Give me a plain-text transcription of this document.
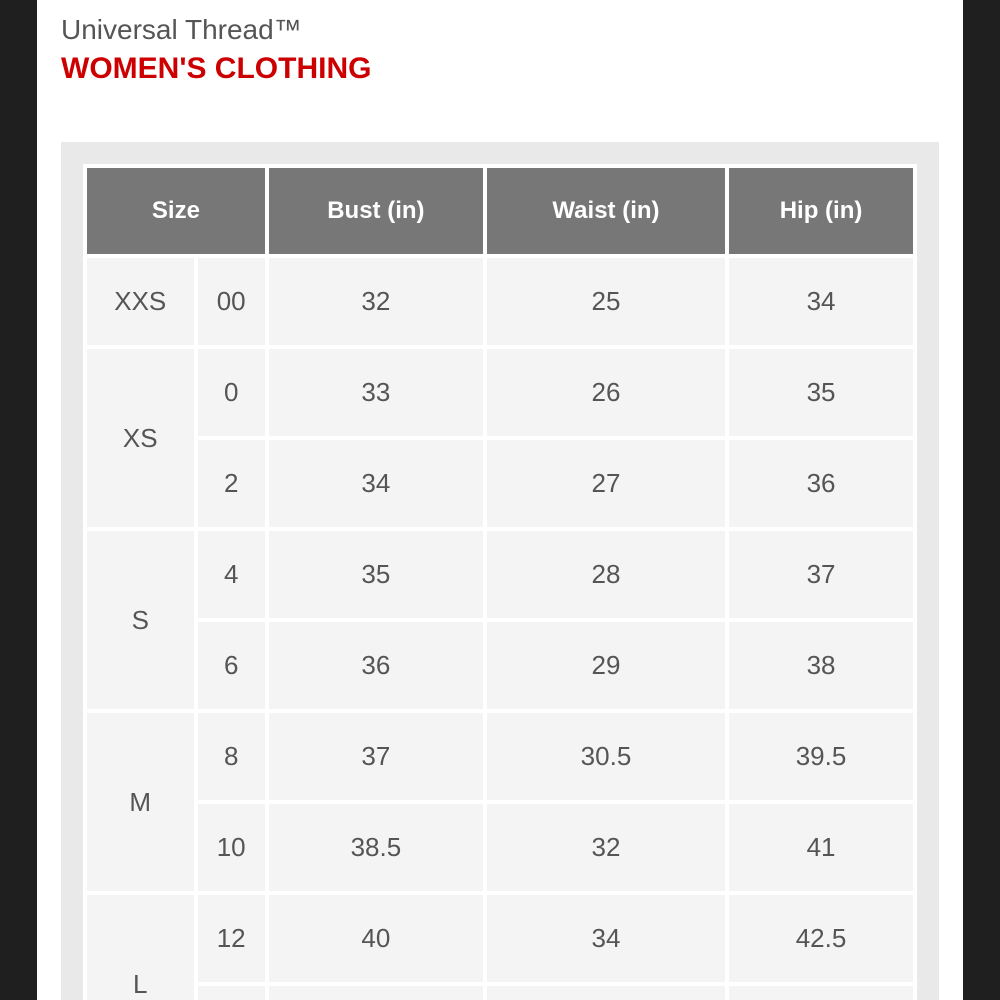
Universal Thread™
WOMEN'S CLOTHING
Size		Bust (in)	Waist (in)	Hip (in)
XXS	00	32	25	34
XS	0	33	26	35
	2	34	27	36
S	4	35	28	37
	6	36	29	38
M	8	37	30.5	39.5
	10	38.5	32	41
L	12	40	34	42.5
